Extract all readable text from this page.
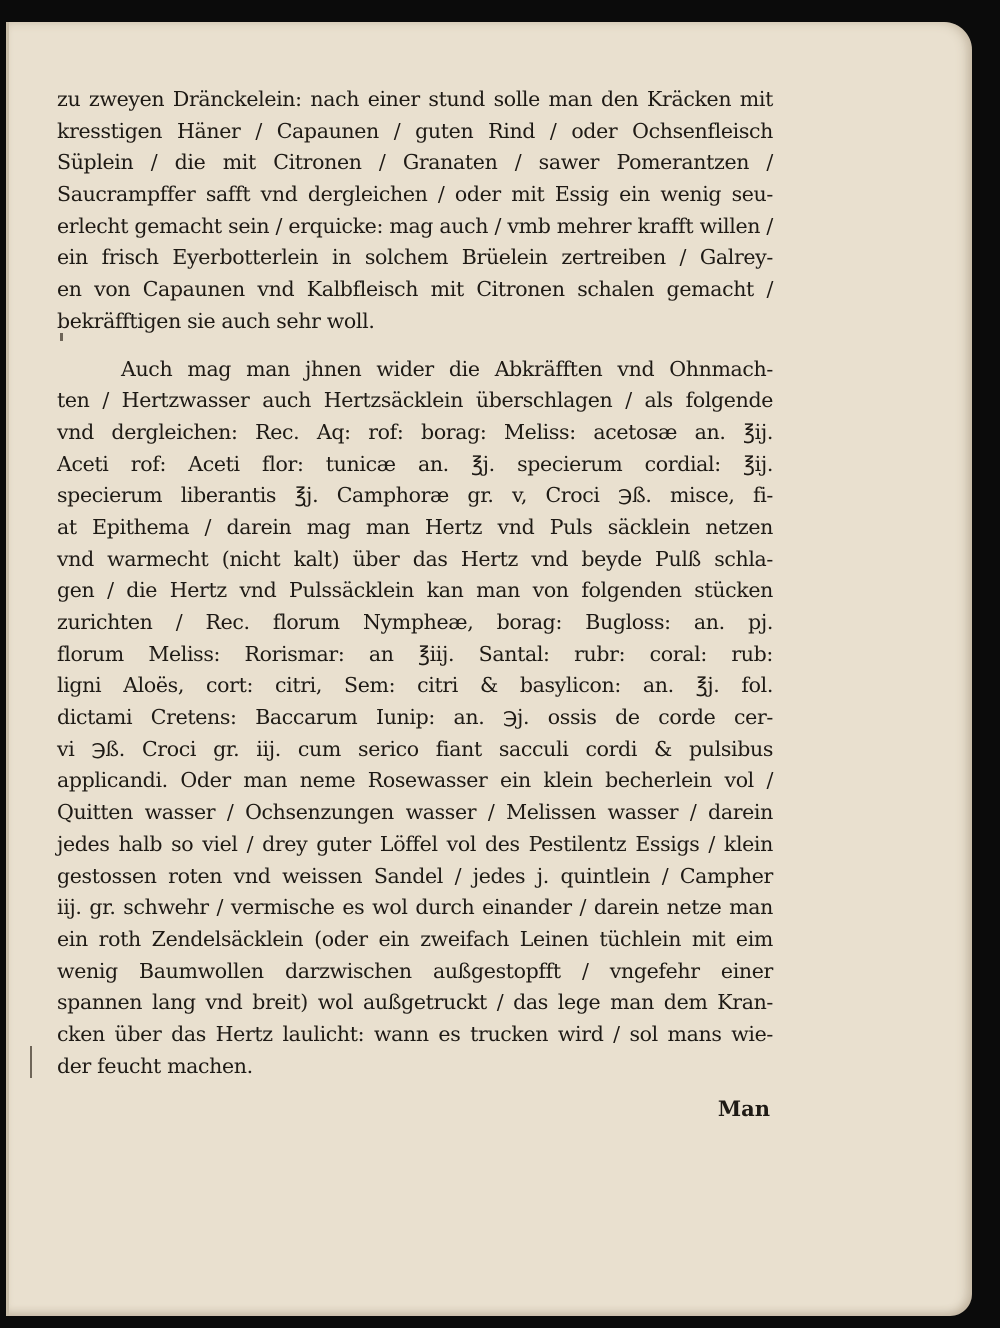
zu zweyen Dränckelein: nach einer stund solle man den Kräcken mit
kresstigen Häner / Capaunen / guten Rind / oder Ochsenfleisch
Süplein / die mit Citronen / Granaten / sawer Pomerantzen /
Saucrampffer safft vnd dergleichen / oder mit Essig ein wenig seu-
erlecht gemacht sein / erquicke: mag auch / vmb mehrer krafft willen /
ein frisch Eyerbotterlein in solchem Brüelein zertreiben / Galrey-
en von Capaunen vnd Kalbfleisch mit Citronen schalen gemacht /
bekräfftigen sie auch sehr woll.
Auch mag man jhnen wider die Abkräfften vnd Ohnmach-
ten / Hertzwasser auch Hertzsäcklein überschlagen / als folgende
vnd dergleichen: Rec. Aq: rof: borag: Meliss: acetosæ an. ℥ij.
Aceti rof: Aceti flor: tunicæ an. ℥j. specierum cordial: ℥ij.
specierum liberantis ℥j. Camphoræ gr. v, Croci ℈ß. misce, fi-
at Epithema / darein mag man Hertz vnd Puls säcklein netzen
vnd warmecht (nicht kalt) über das Hertz vnd beyde Pulß schla-
gen / die Hertz vnd Pulssäcklein kan man von folgenden stücken
zurichten / Rec. florum Nympheæ, borag: Bugloss: an. pj.
florum Meliss: Rorismar: an ℥iij. Santal: rubr: coral: rub:
ligni Aloës, cort: citri, Sem: citri & basylicon: an. ℥j. fol.
dictami Cretens: Baccarum Iunip: an. ℈j. ossis de corde cer-
vi ℈ß. Croci gr. iij. cum serico fiant sacculi cordi & pulsibus
applicandi. Oder man neme Rosewasser ein klein becherlein vol /
Quitten wasser / Ochsenzungen wasser / Melissen wasser / darein
jedes halb so viel / drey guter Löffel vol des Pestilentz Essigs / klein
gestossen roten vnd weissen Sandel / jedes j. quintlein / Campher
iij. gr. schwehr / vermische es wol durch einander / darein netze man
ein roth Zendelsäcklein (oder ein zweifach Leinen tüchlein mit eim
wenig Baumwollen darzwischen außgestopfft / vngefehr einer
spannen lang vnd breit) wol außgetruckt / das lege man dem Kran-
cken über das Hertz laulicht: wann es trucken wird / sol mans wie-
der feucht machen.
Man
